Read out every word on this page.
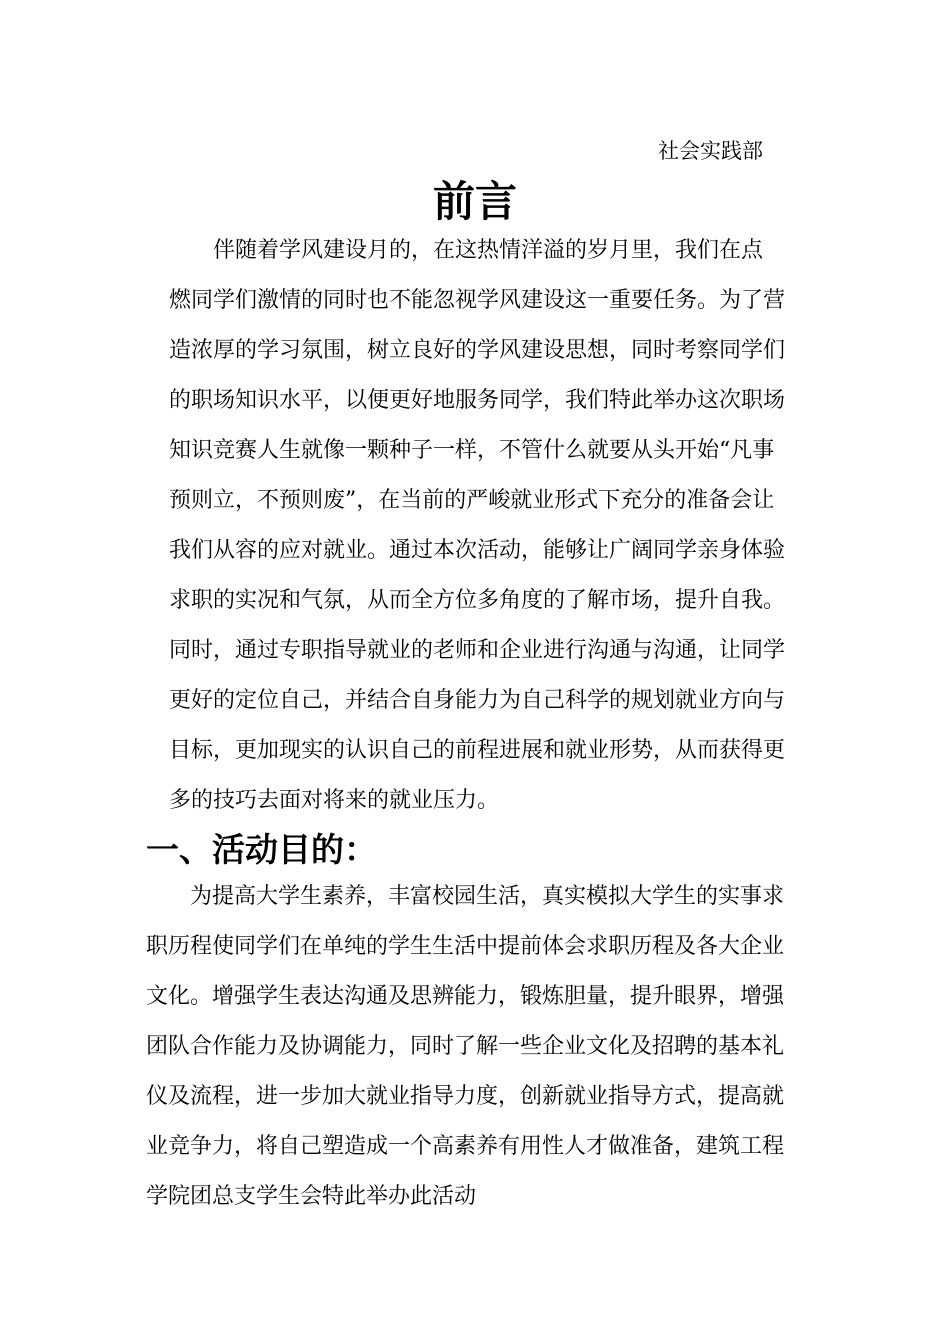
社会实践部
前言
　　伴随着学风建设月的，在这热情洋溢的岁月里，我们在点
燃同学们激情的同时也不能忽视学风建设这一重要任务。为了营
造浓厚的学习氛围，树立良好的学风建设思想，同时考察同学们
的职场知识水平，以便更好地服务同学，我们特此举办这次职场
知识竞赛人生就像一颗种子一样，不管什么就要从头开始“凡事
预则立，不预则废”，在当前的严峻就业形式下充分的准备会让
我们从容的应对就业。通过本次活动，能够让广阔同学亲身体验
求职的实况和气氛，从而全方位多角度的了解市场，提升自我。
同时，通过专职指导就业的老师和企业进行沟通与沟通，让同学
更好的定位自己，并结合自身能力为自己科学的规划就业方向与
目标，更加现实的认识自己的前程进展和就业形势，从而获得更
多的技巧去面对将来的就业压力。
一、活动目的：
　　为提高大学生素养，丰富校园生活，真实模拟大学生的实事求
职历程使同学们在单纯的学生生活中提前体会求职历程及各大企业
文化。增强学生表达沟通及思辨能力，锻炼胆量，提升眼界，增强
团队合作能力及协调能力，同时了解一些企业文化及招聘的基本礼
仪及流程，进一步加大就业指导力度，创新就业指导方式，提高就
业竞争力，将自己塑造成一个高素养有用性人才做准备，建筑工程
学院团总支学生会特此举办此活动
